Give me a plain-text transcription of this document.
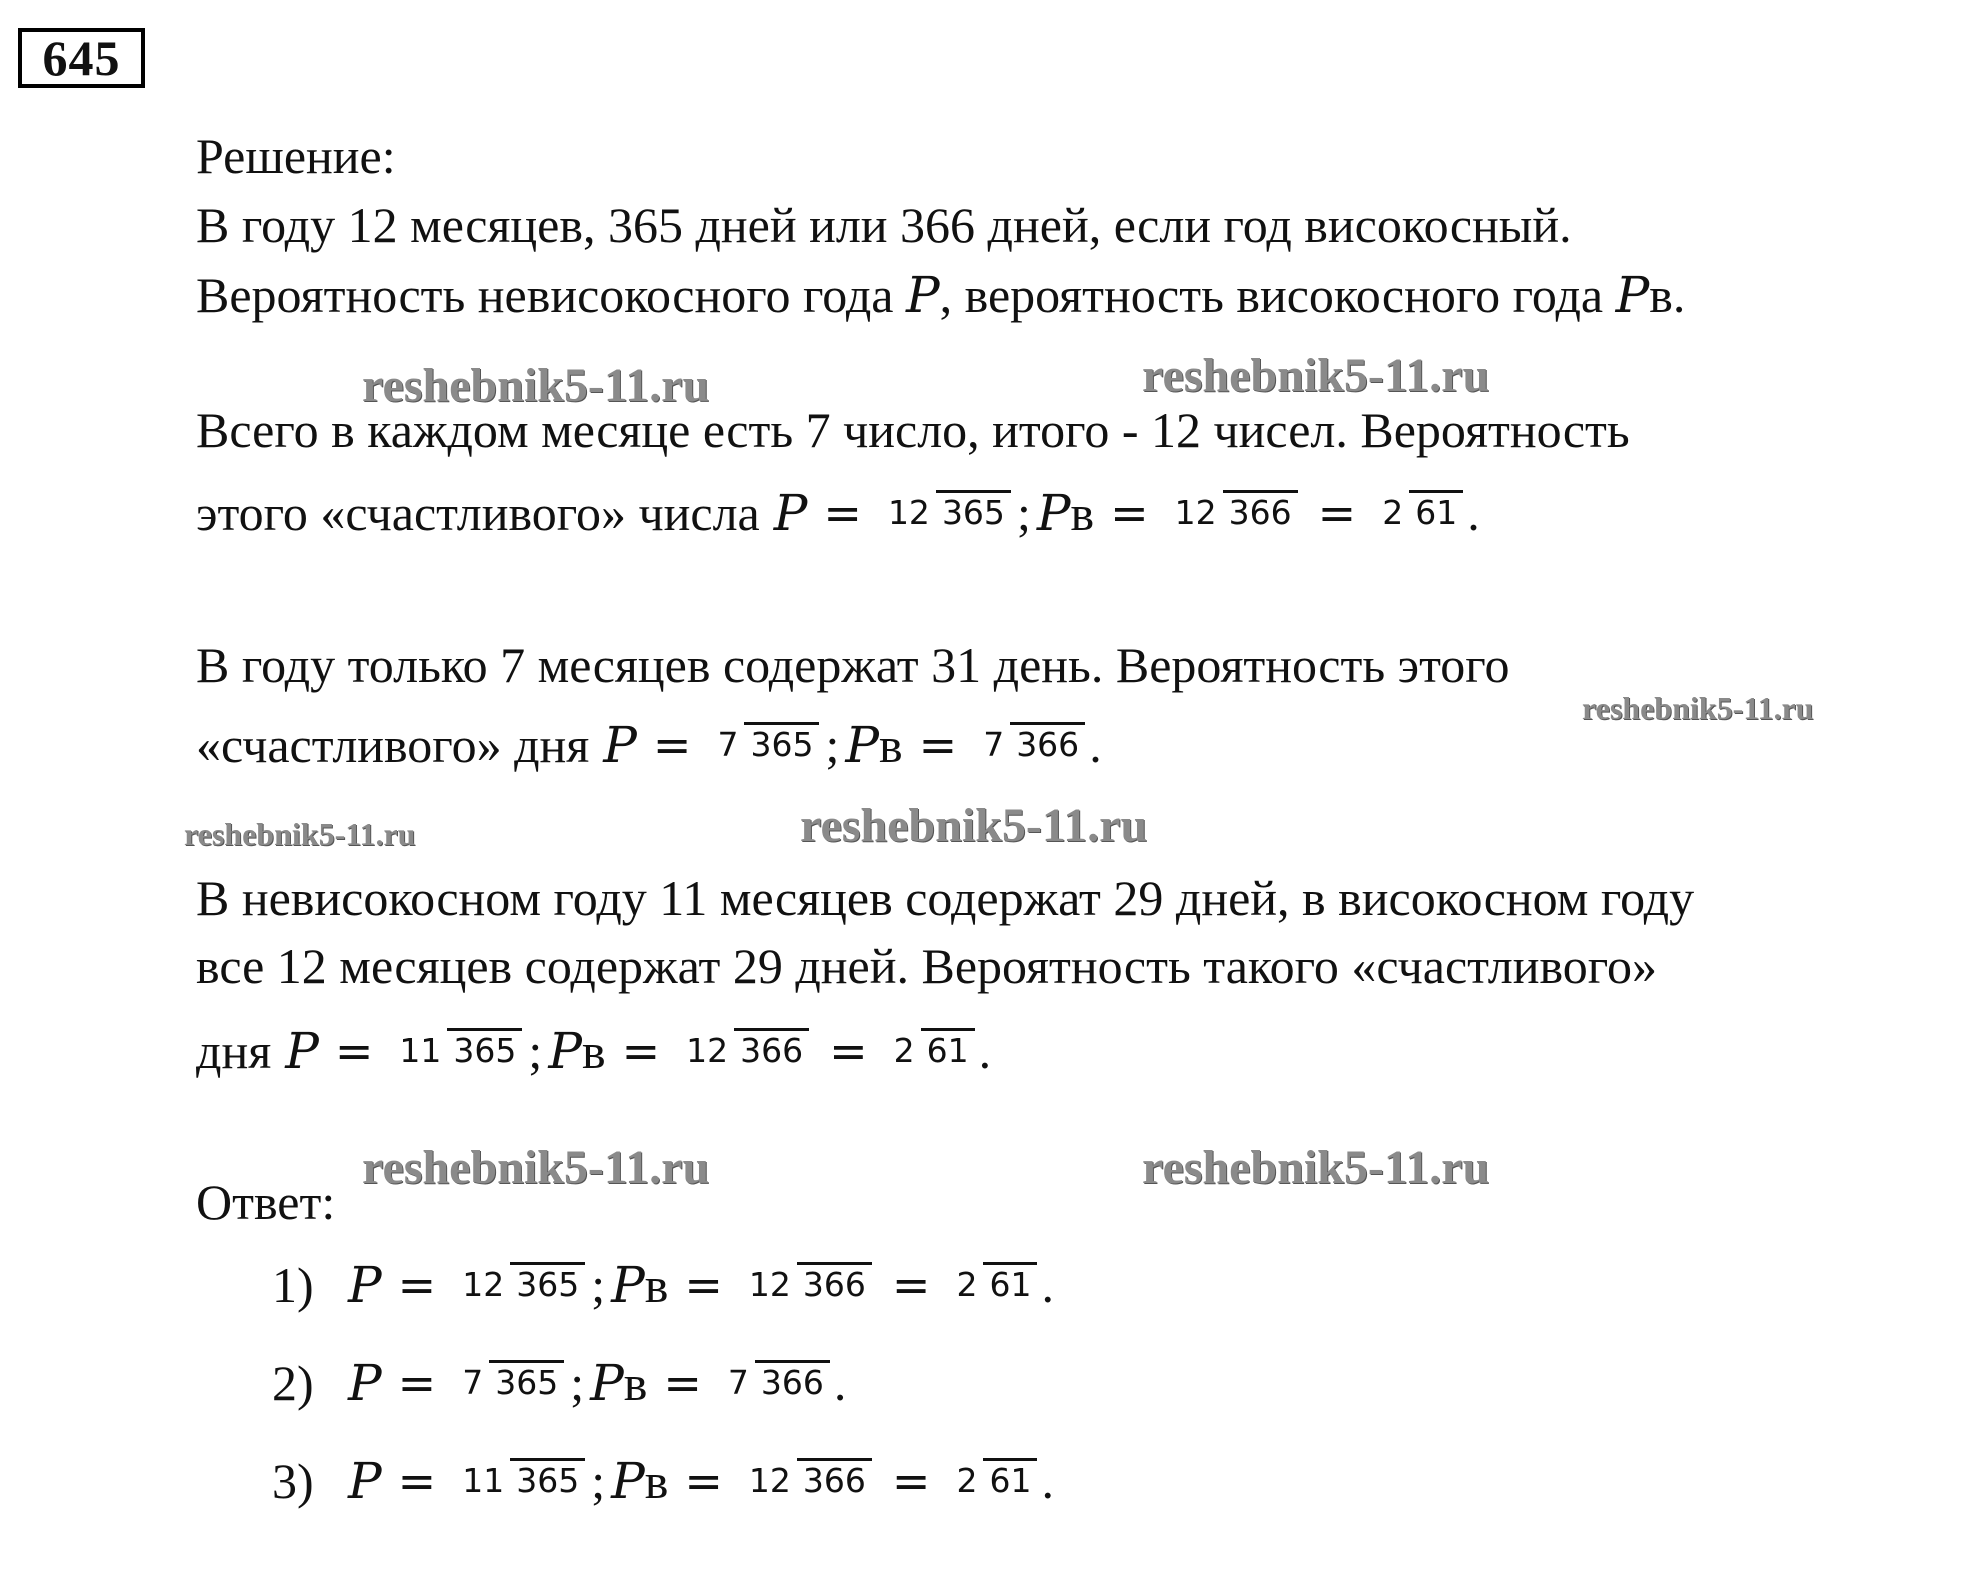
645
Решение:
В году 12 месяцев, 365 дней или 366 дней, если год високосный.
Вероятность невисокосного года P, вероятность високосного года Pв.
reshebnik5-11.ru	reshebnik5-11.ru
Всего в каждом месяце есть 7 число, итого - 12 чисел. Вероятность
этого «счастливого» числа P = 12 365 ; P в = 12 366 = 2 61 .
В году только 7 месяцев содержат 31 день. Вероятность этого
«счастливого» дня P = 7 365 ; P в = 7 366 .
reshebnik5-11.ru
reshebnik5-11.ru	reshebnik5-11.ru
В невисокосном году 11 месяцев содержат 29 дней, в високосном году
все 12 месяцев содержат 29 дней. Вероятность такого «счастливого»
дня P = 11 365 ; P в = 12 366 = 2 61 .
reshebnik5-11.ru	reshebnik5-11.ru
Ответ:
1) P = 12 365 ; P в = 12 366 = 2 61 .
2) P = 7 365 ; P в = 7 366 .
3) P = 11 365 ; P в = 12 366 = 2 61 .
